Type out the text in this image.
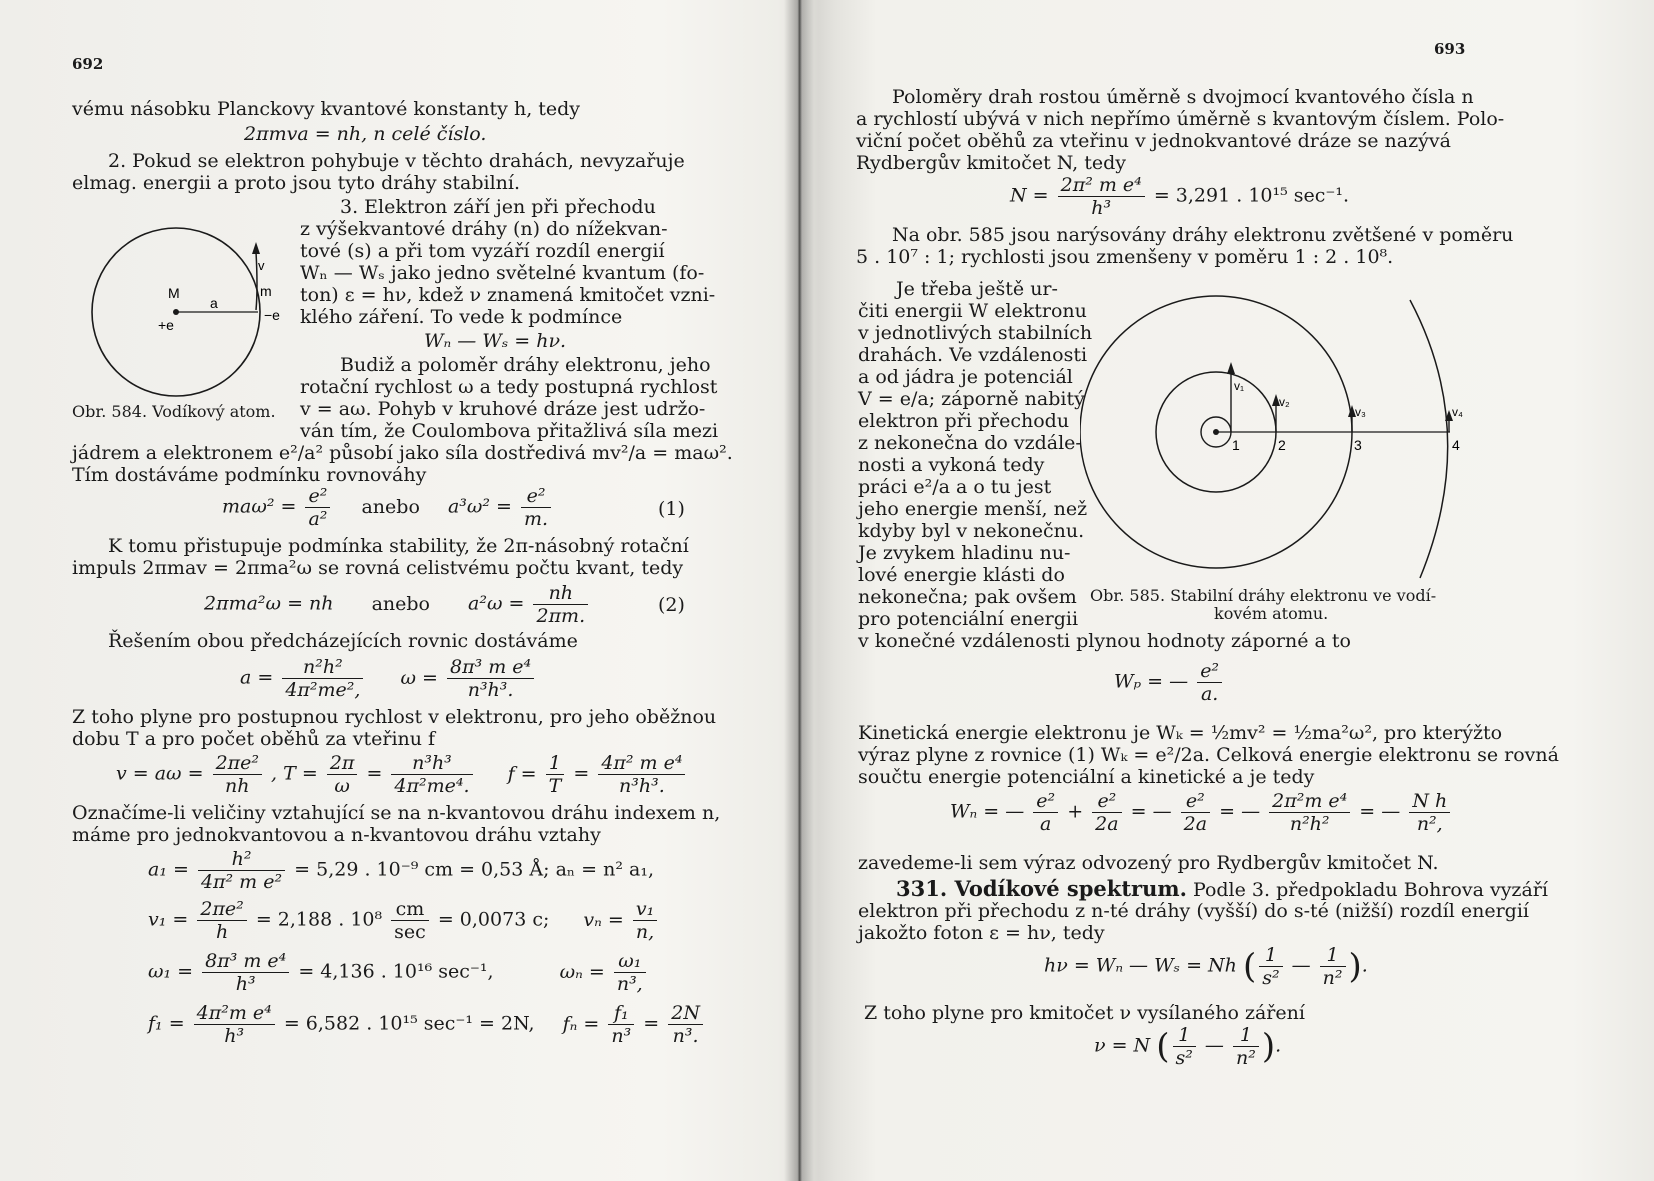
692
vému násobku Planckovy kvantové konstanty h, tedy
2πmva = nh, n celé číslo.
2. Pokud se elektron pohybuje v těchto drahách, nevyzařuje
elmag. energii a proto jsou tyto dráhy stabilní.
M
+e
a
m
−e
v
3. Elektron září jen při přechodu
z výšekvantové dráhy (n) do nížekvan-
tové (s) a při tom vyzáří rozdíl energií
Wₙ — Wₛ jako jedno světelné kvantum (fo-
ton) ε = hν, kdež ν znamená kmitočet vzni-
klého záření. To vede k podmínce
Wₙ — Wₛ = hν.
Budiž a poloměr dráhy elektronu, jeho
rotační rychlost ω a tedy postupná rychlost
Obr. 584. Vodíkový atom. v = aω. Pohyb v kruhové dráze jest udržo-
ván tím, že Coulombova přitažlivá síla mezi
jádrem a elektronem e²/a² působí jako síla dostředivá mv²/a = maω².
Tím dostáváme podmínku rovnováhy
$ma\omega^2 = \frac{\text{e²}}{\text{a²}}$ anebo $a^3\omega^2 = \frac{\text{e²}}{m.}$	(1)
K tomu přistupuje podmínka stability, že 2π-násobný rotační
impuls 2πmav = 2πma²ω se rovná celistvému počtu kvant, tedy
2πma²ω = nh anebo $a^2\omega = \frac{nh}{2\pi m.}$	(2)
Řešením obou předcházejících rovnic dostáváme
$a = \frac{\text{n²h²}}{\text{4π²me²,}}$ $\omega = \frac{\text{8π³ m e⁴}}{\text{n³h³.}}$
Z toho plyne pro postupnou rychlost v elektronu, pro jeho oběžnou
dobu T a pro počet oběhů za vteřinu f
$v = a\omega = \frac{\text{2πe²}}{nh}$ , $T = \frac{2\pi}{\omega} = \frac{\text{n³h³}}{\text{4π²me⁴.}}$ $f = \frac{1}{T} = \frac{\text{4π² m e⁴}}{\text{n³h³.}}$
Označíme-li veličiny vztahující se na n-kvantovou dráhu indexem n,
máme pro jednokvantovou a n-kvantovou dráhu vztahy
$a_1 = \frac{\text{h²}}{\text{4π² m e²}} = 5,29$ . 10⁻⁹ cm = 0,53 Å; aₙ = n² a₁,
$v_1 = \frac{\text{2πe²}}{h} = 2,188$ . $10^8 \frac{cm}{\sec} = 0,0073$ c; $v_n = \frac{\text{v₁}}{n,}$
$\omega_1 = \frac{\text{8π³ m e⁴}}{\text{h³}} = 4,136$ . 10¹⁶ sec⁻¹,	$\omega_n = \frac{\text{ω₁}}{\text{n³,}}$
$f_1 = \frac{\text{4π²m e⁴}}{\text{h³}} = 6,582$ . 10¹⁵ sec⁻¹ = 2N, $f_n = \frac{\text{f₁}}{\text{n³}} = \frac{2N}{\text{n³.}}$
693
Poloměry drah rostou úměrně s dvojmocí kvantového čísla n
a rychlostí ubývá v nich nepřímo úměrně s kvantovým číslem. Polo-
viční počet oběhů za vteřinu v jednokvantové dráze se nazývá
Rydbergův kmitočet N, tedy
$N = \frac{\text{2π² m e⁴}}{\text{h³}} = 3,291$ . 10¹⁵ sec⁻¹.
Na obr. 585 jsou narýsovány dráhy elektronu zvětšené v poměru
5 . 10⁷ : 1; rychlosti jsou zmenšeny v poměru 1 : 2 . 10⁸.
Je třeba ještě ur-
čiti energii W elektronu
v jednotlivých stabilních
drahách. Ve vzdálenosti
a od jádra je potenciál
V = e/a; záporně nabitý
elektron při přechodu
z nekonečna do vzdále-
nosti a vykoná tedy
práci e²/a a o tu jest
jeho energie menší, než
kdyby byl v nekonečnu.
Je zvykem hladinu nu-
lové energie klásti do
nekonečna; pak ovšem
pro potenciální energii
v konečné vzdálenosti plynou hodnoty záporné a to
v₁
v₂
v₃	v₄
1	2	3	4
Obr. 585. Stabilní dráhy elektronu ve vodí-
kovém atomu.
Wₚ = — $\frac{\text{e²}}{a.}$
Kinetická energie elektronu je Wₖ = ½mv² = ½ma²ω², pro kterýžto
výraz plyne z rovnice (1) Wₖ = e²/2a. Celková energie elektronu se rovná
součtu energie potenciální a kinetické a je tedy
Wₙ = — $\frac{\text{e²}}{a} + \frac{\text{e²}}{2a}$ = — $\frac{\text{e²}}{2a}$ = — $\frac{\text{2π²m e⁴}}{\text{n²h²}}$ = — $\frac{\text{N h}}{\text{n²,}}$
zavedeme-li sem výraz odvozený pro Rydbergův kmitočet N.
331. Vodíkové spektrum. Podle 3. předpokladu Bohrova vyzáří
elektron při přechodu z n-té dráhy (vyšší) do s-té (nižší) rozdíl energií
jakožto foton ε = hν, tedy
hν = Wₙ — Wₛ = Nh ( $\frac{1}{\text{s²}}$ — $\frac{1}{\text{n²}}$ ).
Z toho plyne pro kmitočet ν vysílaného záření
ν = N ( $\frac{1}{\text{s²}}$ — $\frac{1}{\text{n²}}$ ).
